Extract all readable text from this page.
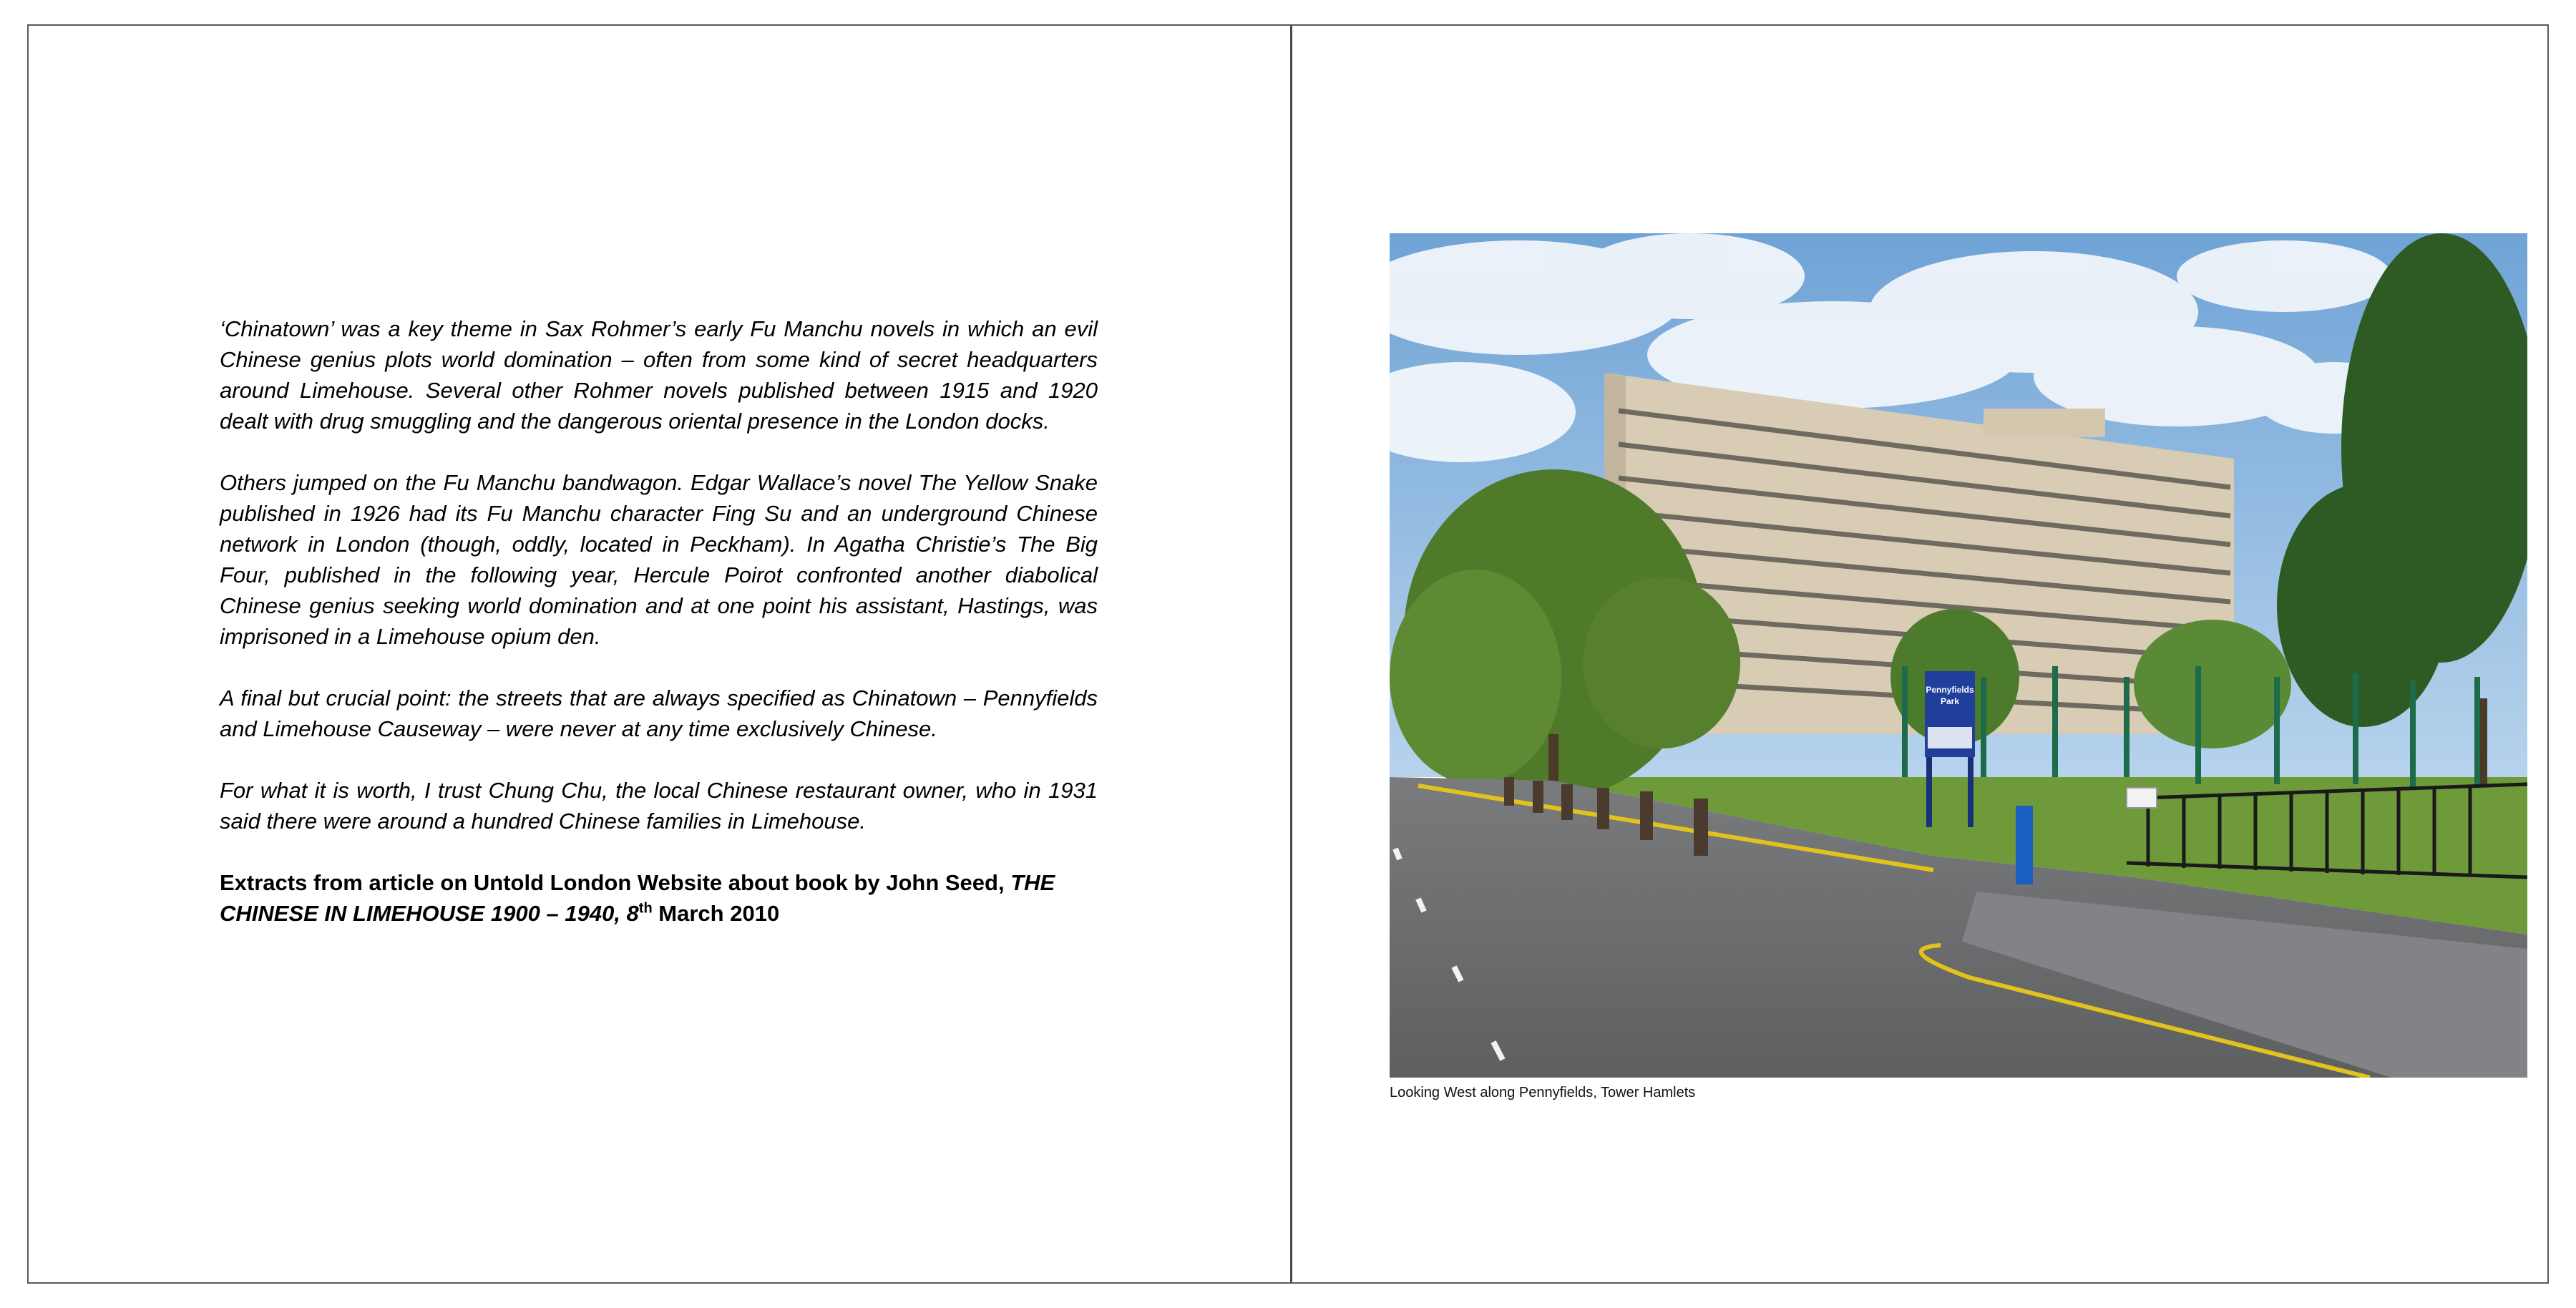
‘Chinatown’ was a key theme in Sax Rohmer’s early Fu Manchu novels in which an evil Chinese genius plots world domination – often from some kind of secret headquarters around Limehouse. Several other Rohmer novels published between 1915 and 1920 dealt with drug smuggling and the dangerous oriental presence in the London docks.

Others jumped on the Fu Manchu bandwagon. Edgar Wallace’s novel The Yellow Snake published in 1926 had its Fu Manchu character Fing Su and an underground Chinese network in London (though, oddly, located in Peckham). In Agatha Christie’s The Big Four, published in the following year, Hercule Poirot confronted another diabolical Chinese genius seeking world domination and at one point his assistant, Hastings, was imprisoned in a Limehouse opium den.

A final but crucial point: the streets that are always specified as Chinatown – Pennyfields and Limehouse Causeway – were never at any time exclusively Chinese.

For what it is worth, I trust Chung Chu, the local Chinese restaurant owner, who in 1931 said there were around a hundred Chinese families in Limehouse.

Extracts from article on Untold London Website about book by John Seed, THE CHINESE IN LIMEHOUSE 1900 – 1940, 8th March 2010

Pennyfields
Park
Looking West along Pennyfields, Tower Hamlets
